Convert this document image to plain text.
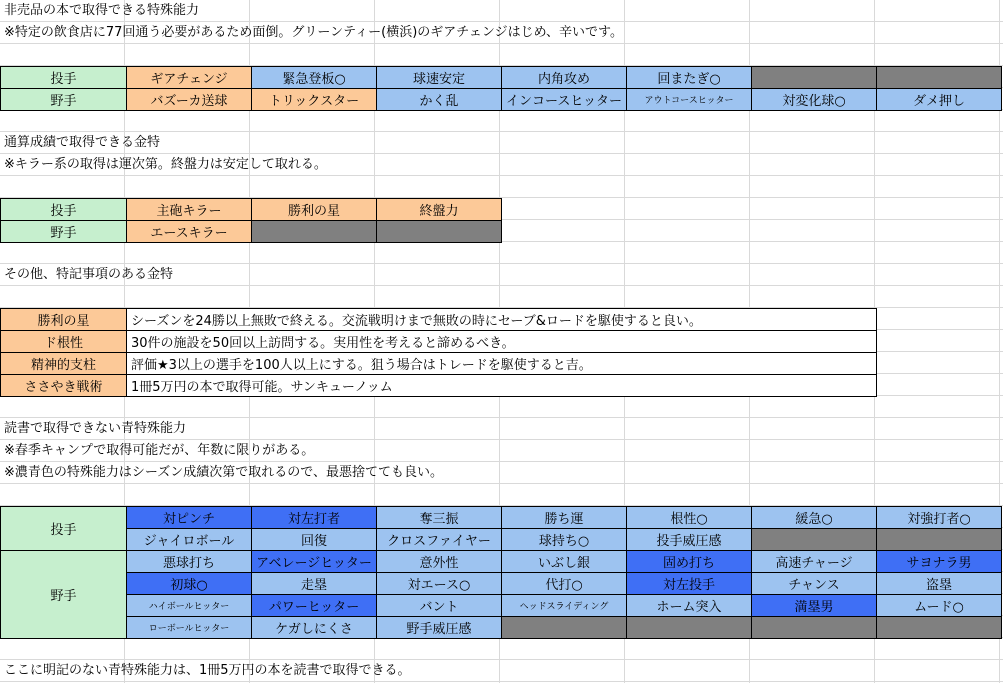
非売品の本で取得できる特殊能力
※特定の飲食店に77回通う必要があるため面倒。グリーンティー(横浜)のギアチェンジはじめ、辛いです。
投手	ギアチェンジ	緊急登板○	球速安定	内角攻め	回またぎ○		
野手	バズーカ送球	トリックスター	かく乱	インコースヒッター	アウトコースヒッター	対変化球○	ダメ押し
通算成績で取得できる金特
※キラー系の取得は運次第。終盤力は安定して取れる。
投手	主砲キラー	勝利の星	終盤力
野手	エースキラー		
その他、特記事項のある金特
勝利の星	シーズンを24勝以上無敗で終える。交流戦明けまで無敗の時にセーブ&ロードを駆使すると良い。
ド根性	30件の施設を50回以上訪問する。実用性を考えると諦めるべき。
精神的支柱	評価★3以上の選手を100人以上にする。狙う場合はトレードを駆使すると吉。
ささやき戦術	1冊5万円の本で取得可能。サンキューノッム
読書で取得できない青特殊能力
※春季キャンプで取得可能だが、年数に限りがある。
※濃青色の特殊能力はシーズン成績次第で取れるので、最悪捨てても良い。
投手	対ピンチ	対左打者	奪三振	勝ち運	根性○	緩急○	対強打者○
	ジャイロボール	回復	クロスファイヤー	球持ち○	投手威圧感		
野手	悪球打ち	アベレージヒッター	意外性	いぶし銀	固め打ち	高速チャージ	サヨナラ男
	初球○	走塁	対エース○	代打○	対左投手	チャンス	盗塁
	ハイボールヒッター	パワーヒッター	バント	ヘッドスライディング	ホーム突入	満塁男	ムード○
	ローボールヒッター	ケガしにくさ	野手威圧感				
ここに明記のない青特殊能力は、1冊5万円の本を読書で取得できる。
